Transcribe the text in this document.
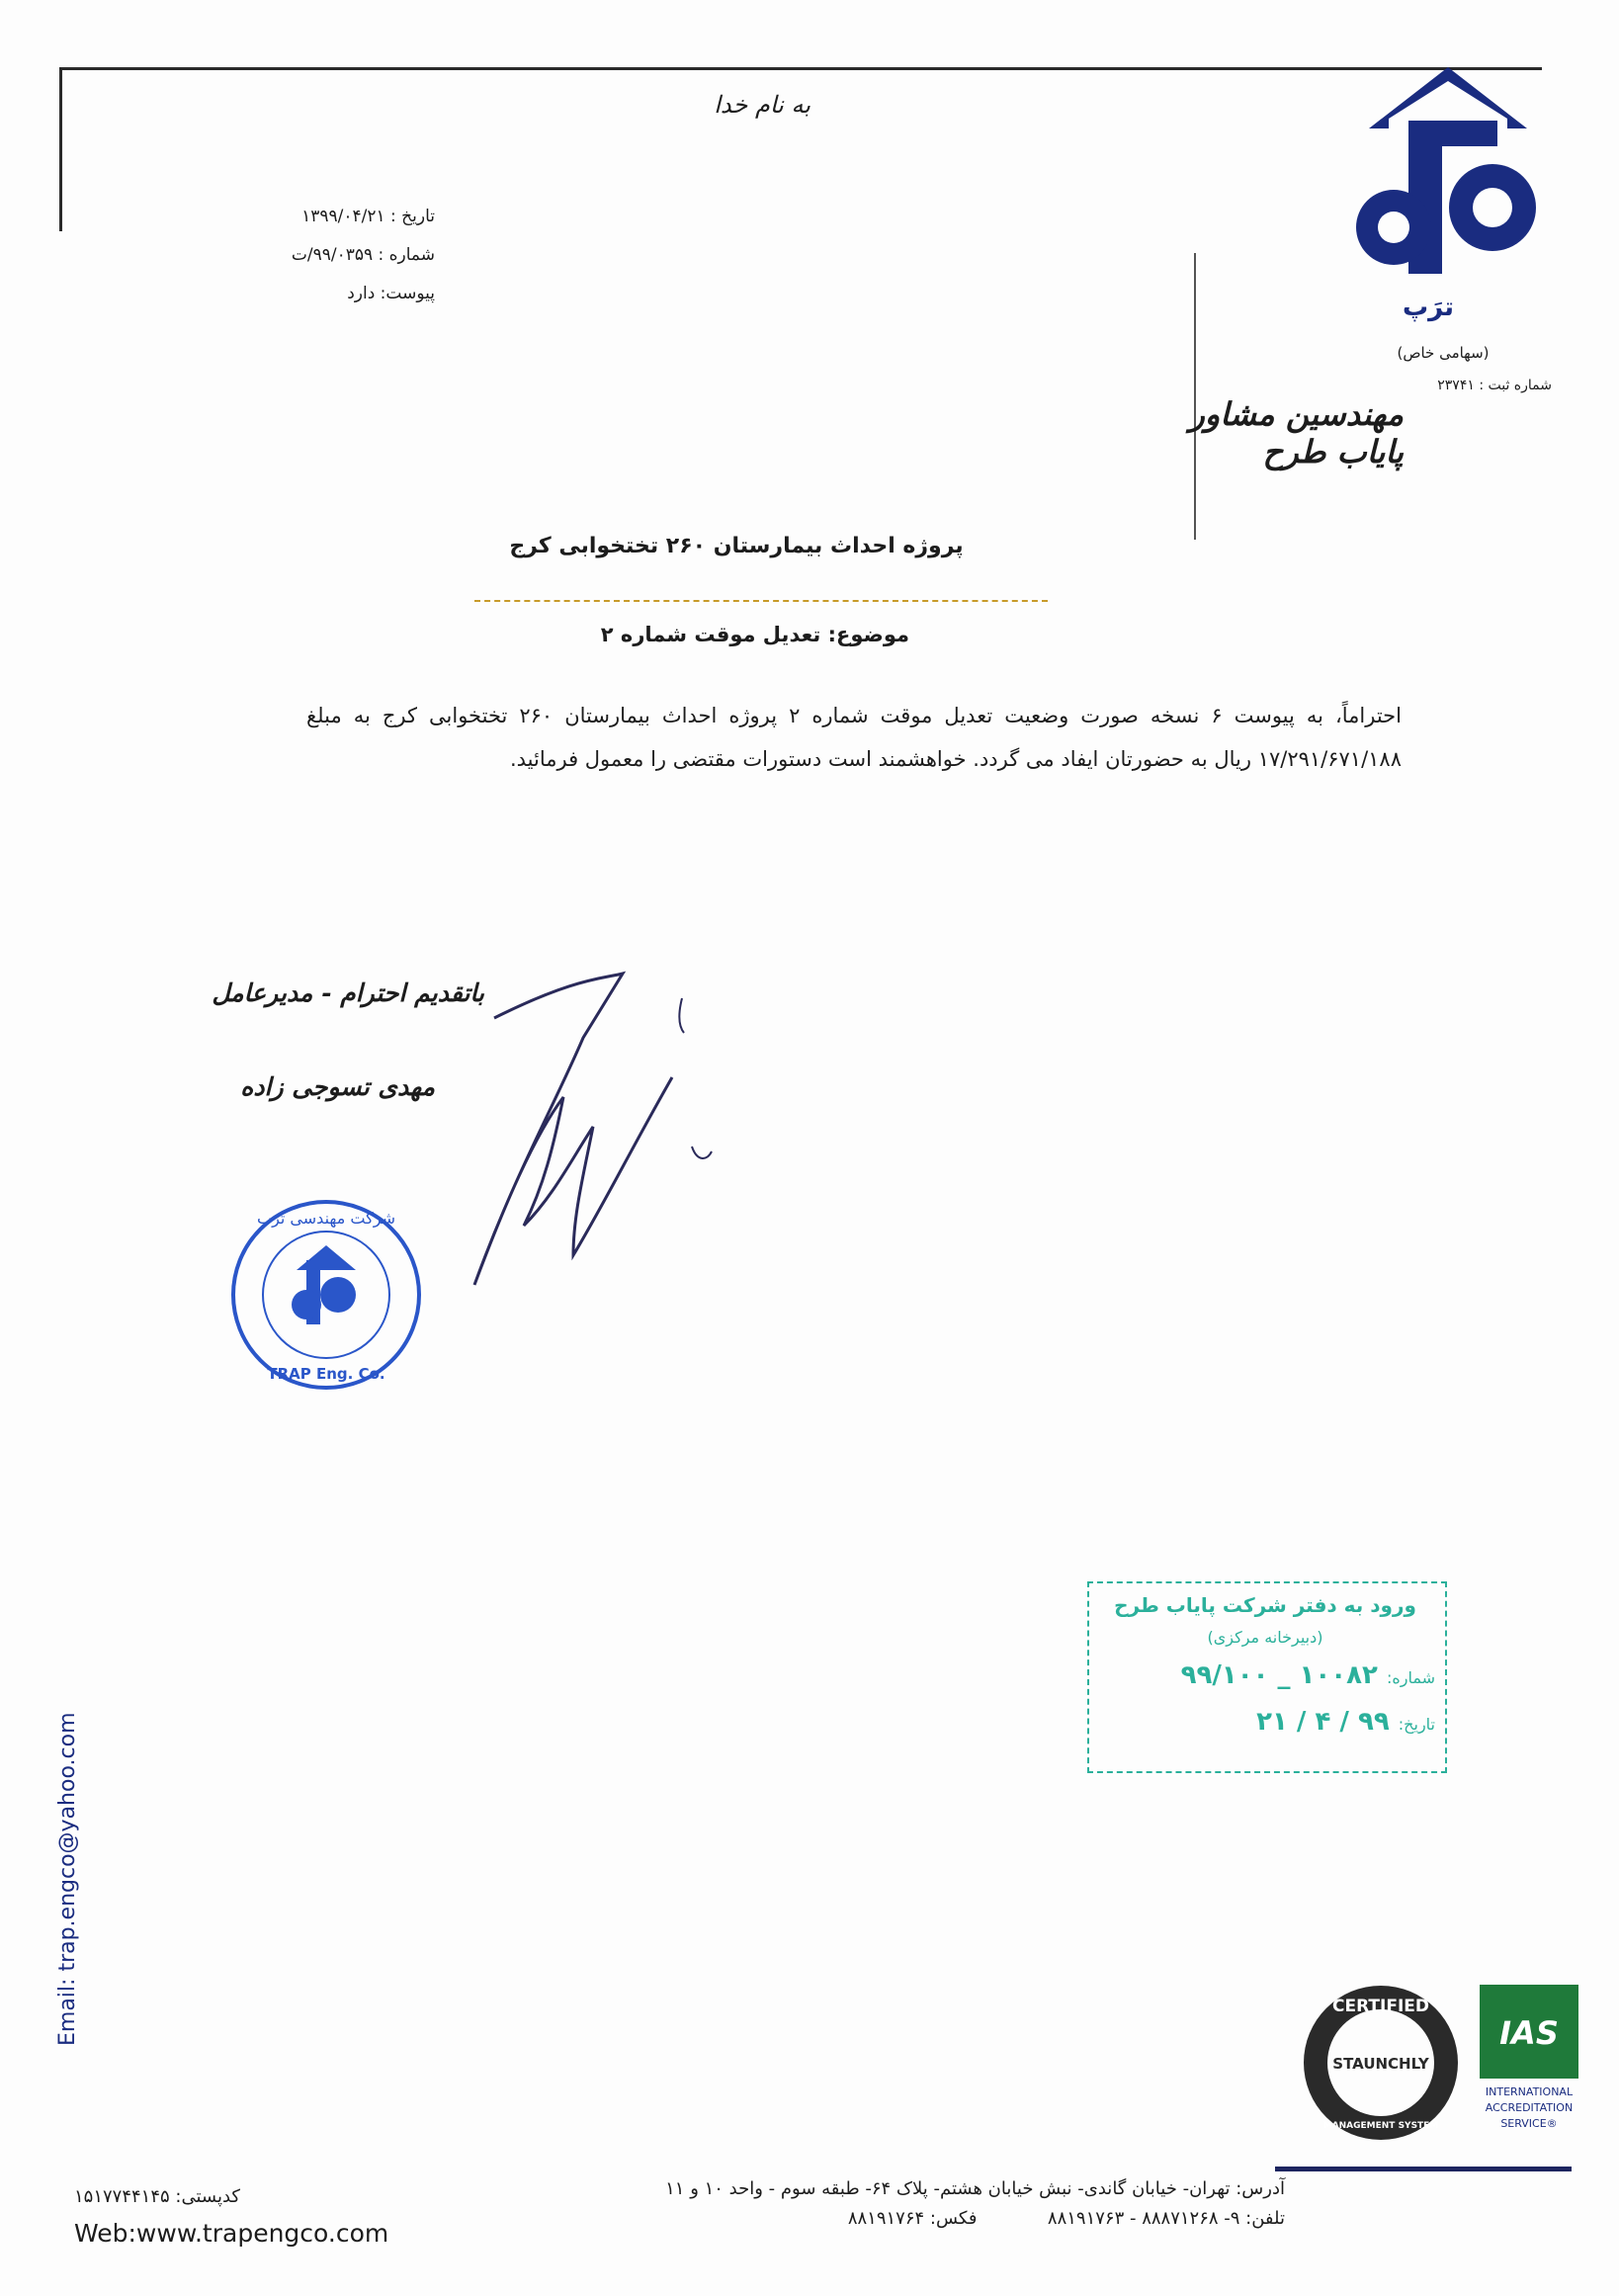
به نام خدا
تاریخ : ۱۳۹۹/۰۴/۲۱
شماره : ۹۹/۰۳۵۹/ت
پیوست: دارد	ترَپ
(سهامی خاص)
شماره ثبت : ۲۳۷۴۱
مهندسین مشاور پایاب طرح
پروژه احداث بیمارستان ۲۶۰ تختخوابی کرج
موضوع: تعدیل موقت شماره ۲
احتراماً، به پیوست ۶ نسخه صورت وضعیت تعدیل موقت شماره ۲ پروژه احداث بیمارستان ۲۶۰ تختخوابی کرج به مبلغ ۱۷/۲۹۱/۶۷۱/۱۸۸ ریال به حضورتان ایفاد می گردد. خواهشمند است دستورات مقتضی را معمول فرمائید.
باتقدیم احترام - مدیرعامل
مهدی تسوجی زاده
شرکت مهندسی ترپ
TRAP Eng. Co.
ورود به دفتر شرکت پایاب طرح
(دبیرخانه مرکزی)
شماره: ۱۰۰۸۲ _ ۹۹/۱۰۰
تاریخ: ۹۹ / ۴ / ۲۱
Email: trap.engco@yahoo.com	CERTIFIED
STAUNCHLY
MANAGEMENT SYSTEM
IAS
INTERNATIONAL
ACCREDITATION
SERVICE®
آدرس: تهران- خیابان گاندی- نبش خیابان هشتم- پلاک ۶۴- طبقه سوم - واحد ۱۰ و ۱۱
تلفن: ۹- ۸۸۸۷۱۲۶۸ - ۸۸۱۹۱۷۶۳  فکس: ۸۸۱۹۱۷۶۴
کدپستی: ۱۵۱۷۷۴۴۱۴۵
Web:www.trapengco.com
